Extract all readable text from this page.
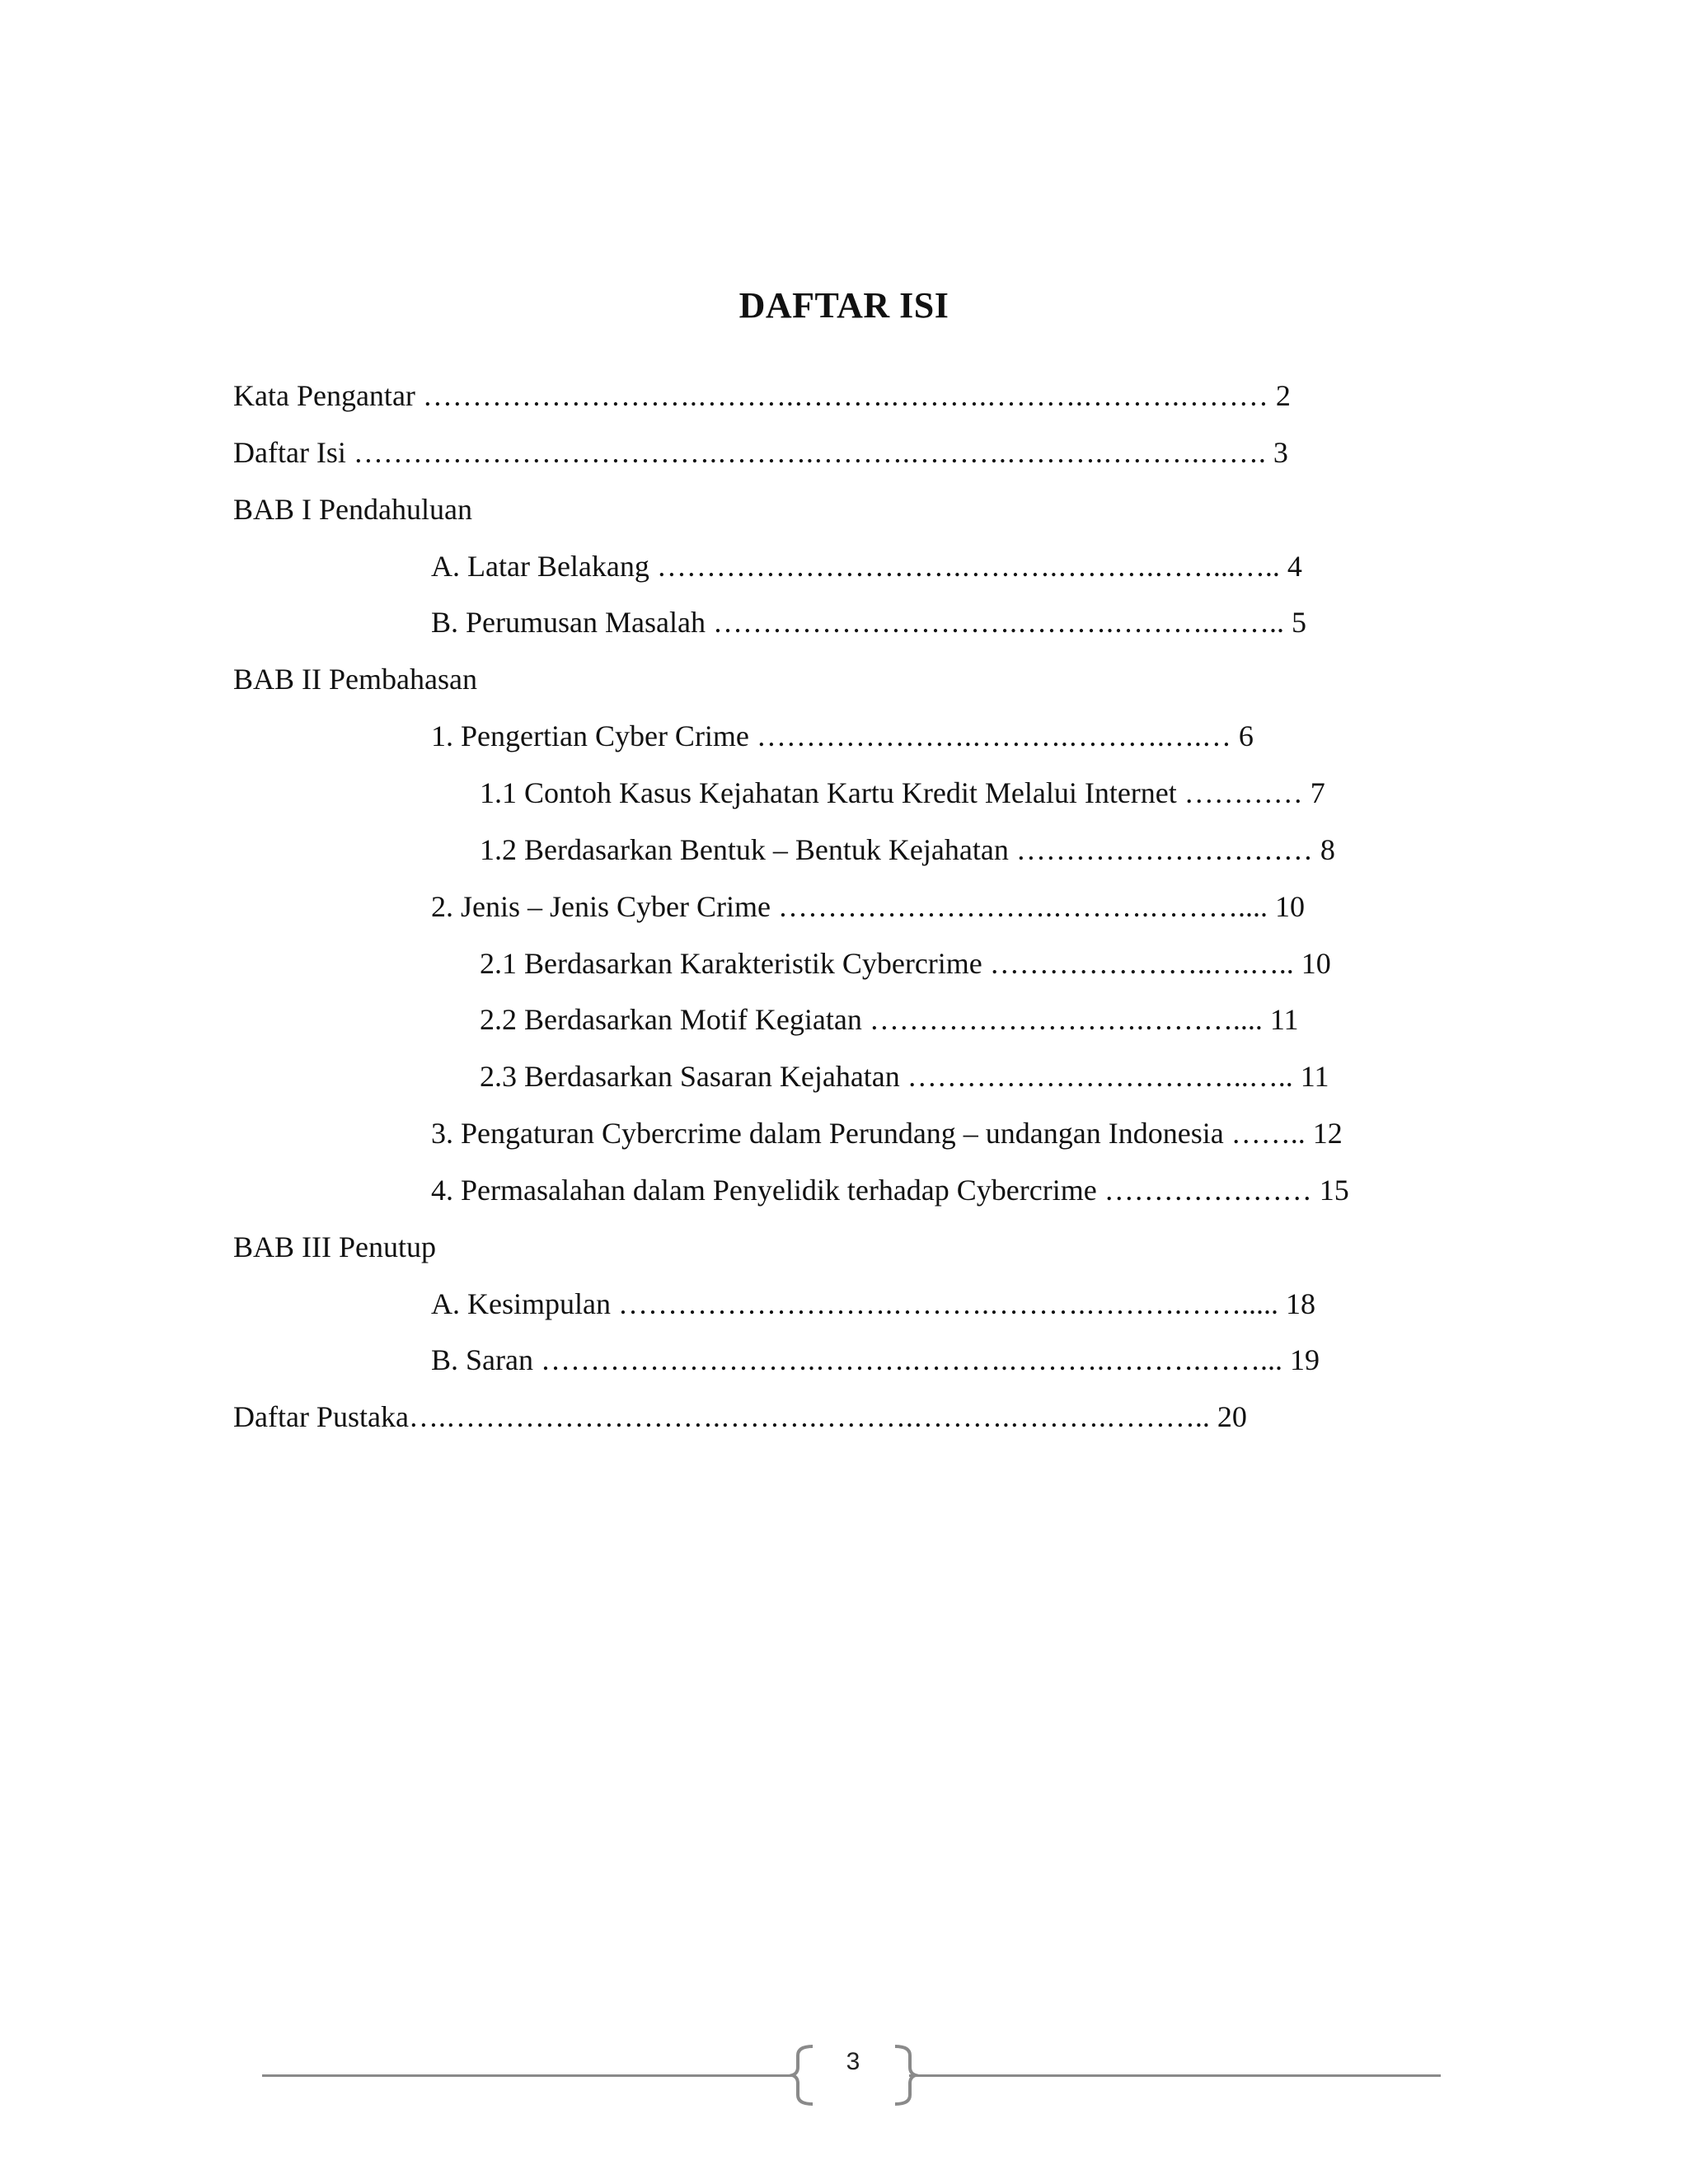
DAFTAR ISI
Kata Pengantar ……………………….……….……….……….……….……….……… 2
Daftar Isi ……………………………….……….……….……….……….……….……. 3
BAB I Pendahuluan
A. Latar Belakang ………………………….……….……….……...….. 4
B. Perumusan Masalah ………………………….……….……….…….. 5
BAB II Pembahasan
1. Pengertian Cyber Crime ………………….……….……….….… 6
1.1 Contoh Kasus Kejahatan Kartu Kredit Melalui Internet ………… 7
1.2 Berdasarkan Bentuk – Bentuk Kejahatan ………………………… 8
2. Jenis – Jenis Cyber Crime ……………………….……….……….... 10
2.1 Berdasarkan Karakteristik Cybercrime …………………..….….. 10
2.2 Berdasarkan Motif Kegiatan ……………………….……….... 11
2.3 Berdasarkan Sasaran Kejahatan ……………………………..….. 11
3. Pengaturan Cybercrime dalam Perundang – undangan Indonesia …….. 12
4. Permasalahan dalam Penyelidik terhadap Cybercrime ………………… 15
BAB III Penutup
A. Kesimpulan ……………………….……….……….……….……..... 18
B. Saran ……………………….……….……….……….……….……... 19
Daftar Pustaka….……………………….……….……….……….……….……….. 20
3
